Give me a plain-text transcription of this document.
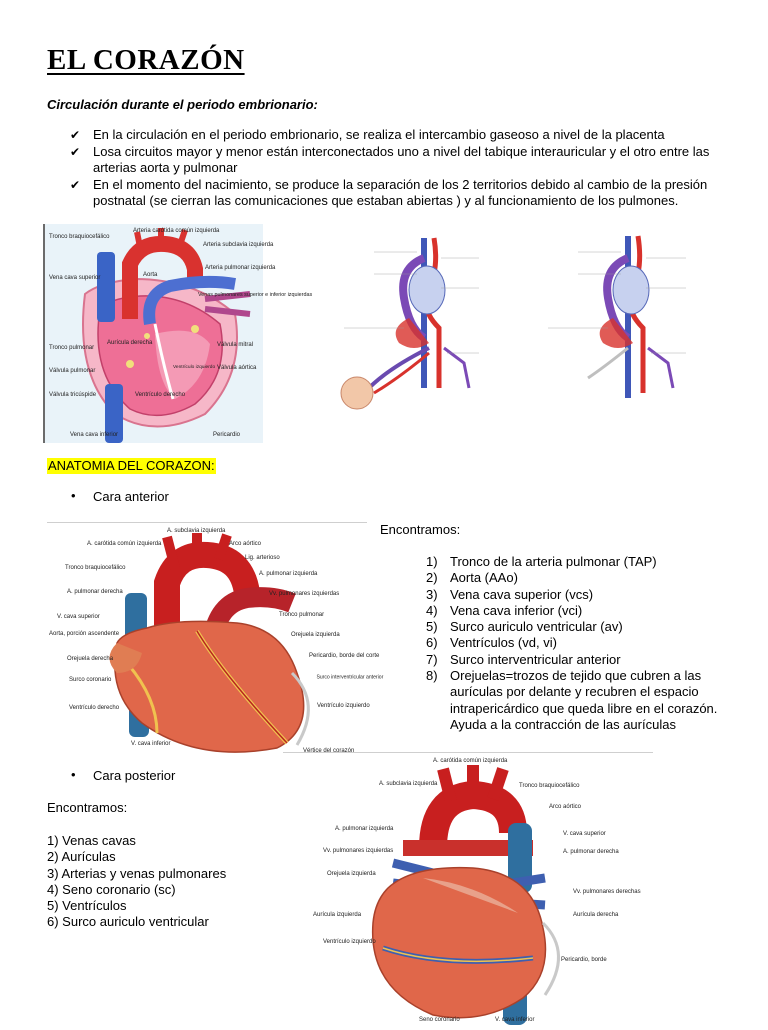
EL CORAZÓN
Circulación durante el periodo embrionario:
✔ En la circulación en el periodo embrionario, se realiza el intercambio gaseoso a nivel de la placenta
✔ Losa circuitos mayor y menor están interconectados uno a nivel del tabique interauricular y el otro entre las arterias aorta y pulmonar
✔ En el momento del nacimiento, se produce la separación de los 2 territorios debido al cambio de la presión postnatal (se cierran las comunicaciones que estaban abiertas ) y al funcionamiento de los pulmones.
Tronco braquiocefálico
Arteria carótida común izquierda
Arteria subclavia izquierda
Vena cava superior	Aorta
Arteria pulmonar izquierda
Venas pulmonares superior e inferior izquierdas
Tronco pulmonar
Aurícula derecha	Válvula mitral
Válvula pulmonar	Válvula aórtica
Ventrículo izquierdo
Válvula tricúspide	Ventrículo derecho
Vena cava inferior	Pericardio
ANATOMIA DEL CORAZON:
• Cara anterior
A. subclavia izquierda
A. carótida común izquierda	Arco aórtico
Lig. arterioso
Tronco braquiocefálico
A. pulmonar izquierda
A. pulmonar derecha	Vv. pulmonares izquierdas
V. cava superior	Tronco pulmonar
Aorta, porción ascendente	Orejuela izquierda
Orejuela derecha	Pericardio, borde del corte
Surco coronario	Surco interventricular anterior
Ventrículo derecho	Ventrículo izquierdo
V. cava inferior
Vértice del corazón
Encontramos:
1) Tronco de la arteria pulmonar (TAP)
2) Aorta (AAo)
3) Vena cava superior (vcs)
4) Vena cava inferior (vci)
5) Surco auriculo ventricular (av)
6) Ventrículos (vd, vi)
7) Surco interventricular anterior
8) Orejuelas=trozos de tejido que cubren a las aurículas por delante y recubren el espacio intrapericárdico que queda libre en el corazón. Ayuda a la contracción de las aurículas
• Cara posterior
Encontramos:
1) Venas cavas
2) Aurículas
3) Arterias y venas pulmonares
4) Seno coronario (sc)
5) Ventrículos
6) Surco auriculo ventricular
A. carótida común izquierda
A. subclavia izquierda	Tronco braquiocefálico
Arco aórtico
A. pulmonar izquierda
V. cava superior
Vv. pulmonares izquierdas	A. pulmonar derecha
Orejuela izquierda
Vv. pulmonares derechas
Aurícula izquierda	Aurícula derecha
Ventrículo izquierdo
Pericardio, borde
Seno coronario	V. cava inferior
